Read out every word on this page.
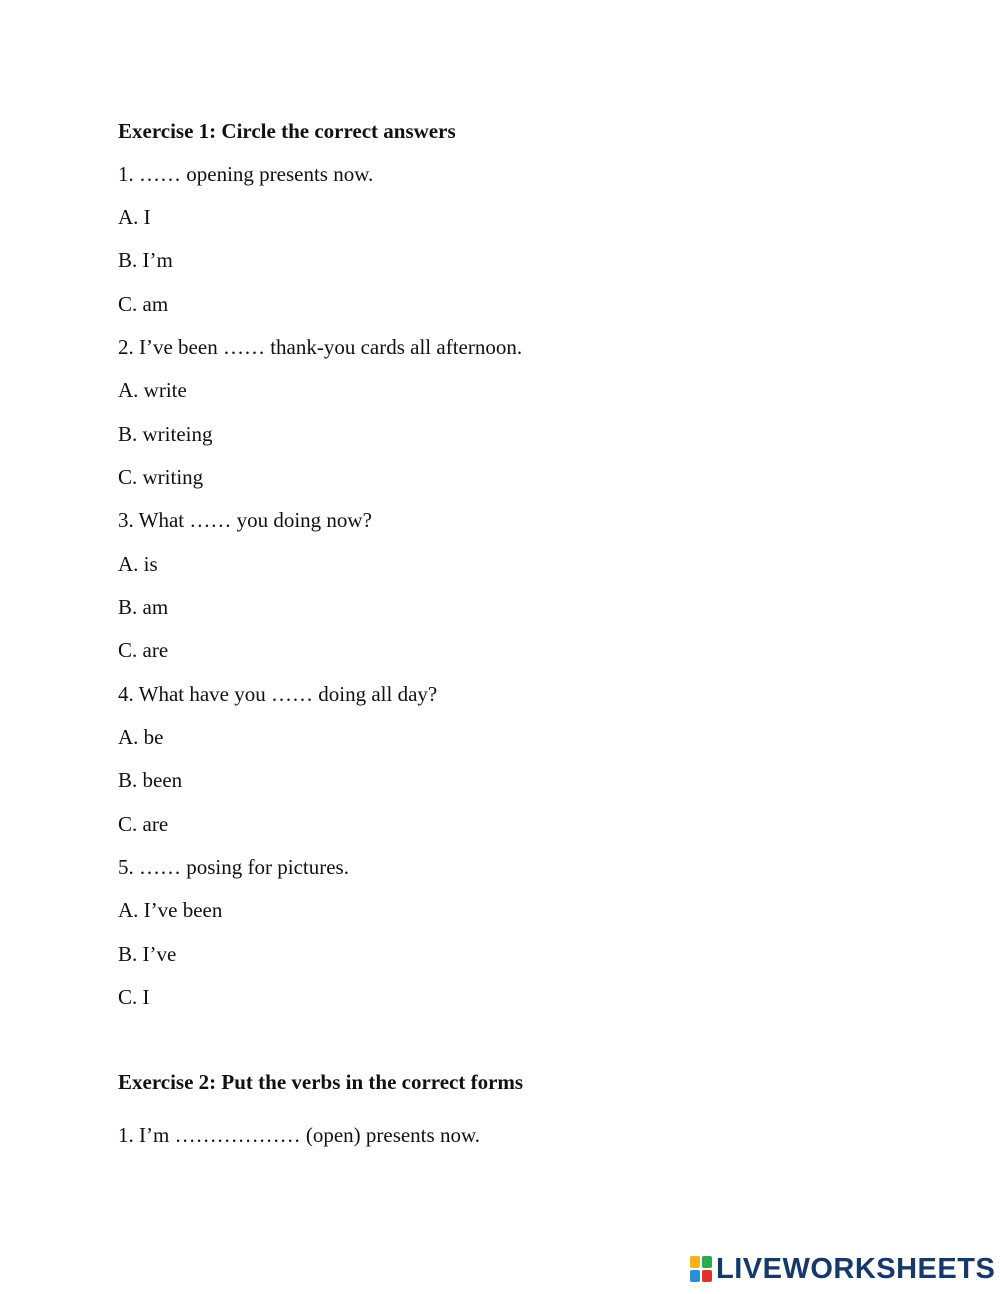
Exercise 1: Circle the correct answers
1. …… opening presents now.
A. I
B. I’m
C. am
2. I’ve been …… thank-you cards all afternoon.
A. write
B. writeing
C. writing
3. What …… you doing now?
A. is
B. am
C. are
4. What have you …… doing all day?
A. be
B. been
C. are
5. …… posing for pictures.
A. I’ve been
B. I’ve
C. I
Exercise 2: Put the verbs in the correct forms
1. I’m ……………… (open) presents now.
LIVEWORKSHEETS
